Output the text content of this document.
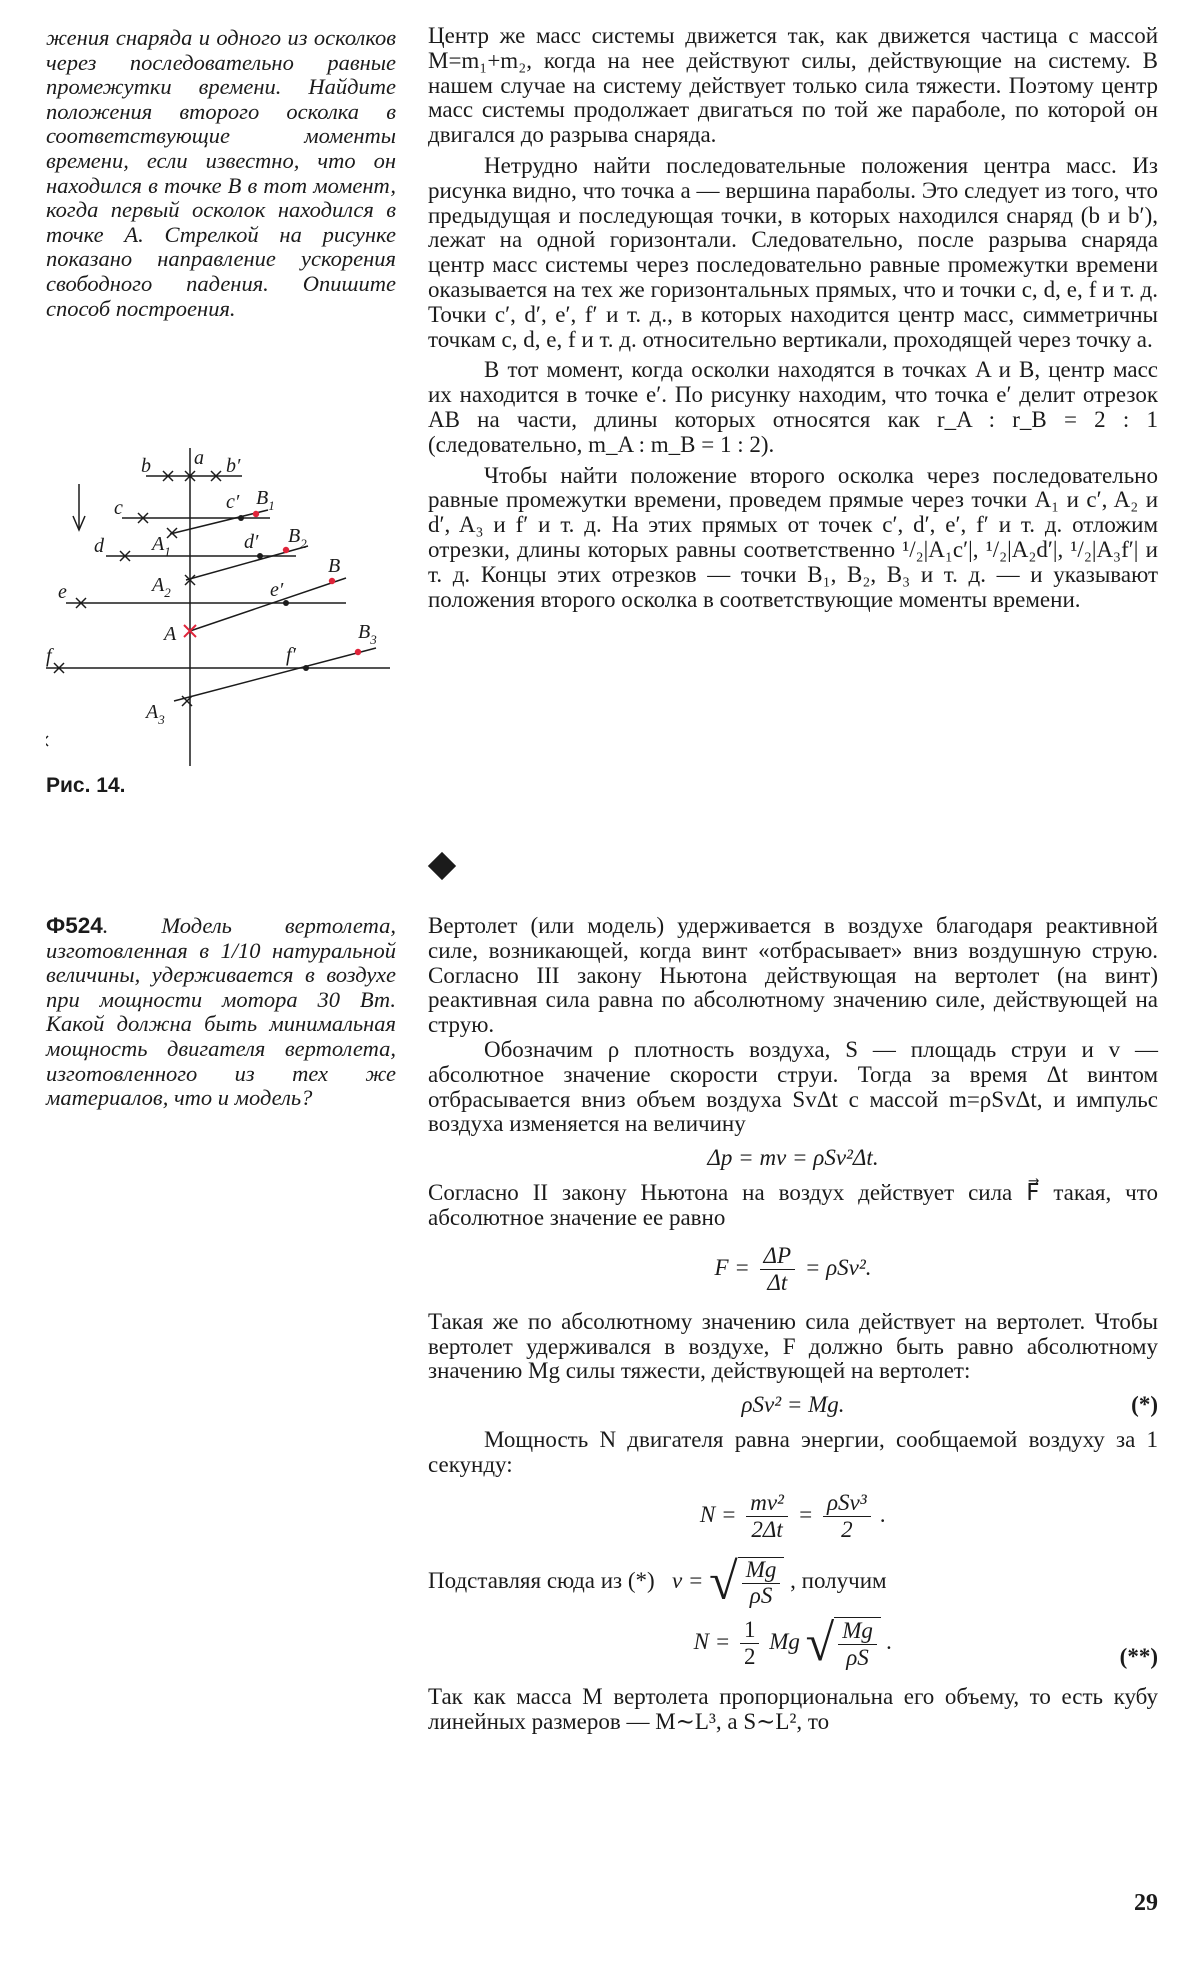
жения снаряда и одного из осколков через последовательно равные промежутки времени. Найдите положения второго осколка в соответствующие моменты времени, если известно, что он находился в точке B в тот момент, когда первый осколок находился в точке A. Стрелкой на рисунке показано направление ускорения свободного падения. Опишите способ построения.

a
b	b′
c	c′
d	d′
e	e′
f	f′
A
$A_1$
$A_2$
$A_3$
B
$B_1$
$B_2$
$B_3$
Рис. 14.

Центр же масс системы движется так, как движется частица с массой M=m₁+m₂, когда на нее действуют силы, действующие на систему. В нашем случае на систему действует только сила тяжести. Поэтому центр масс системы продолжает двигаться по той же параболе, по которой он двигался до разрыва снаряда.

Нетрудно найти последовательные положения центра масс. Из рисунка видно, что точка a — вершина параболы. Это следует из того, что предыдущая и последующая точки, в которых находился снаряд (b и b′), лежат на одной горизонтали. Следовательно, после разрыва снаряда центр масс системы через последовательно равные промежутки времени оказывается на тех же горизонтальных прямых, что и точки c, d, e, f и т. д. Точки c′, d′, e′, f′ и т. д., в которых находится центр масс, симметричны точкам c, d, e, f и т. д. относительно вертикали, проходящей через точку a.

В тот момент, когда осколки находятся в точках A и B, центр масс их находится в точке e′. По рисунку находим, что точка e′ делит отрезок AB на части, длины которых относятся как r_A : r_B = 2 : 1 (следовательно, m_A : m_B = 1 : 2).

Чтобы найти положение второго осколка через последовательно равные промежутки времени, проведем прямые через точки A₁ и c′, A₂ и d′, A₃ и f′ и т. д. На этих прямых от точек c′, d′, e′, f′ и т. д. отложим отрезки, длины которых равны соответственно ¹/₂|A₁c′|, ¹/₂|A₂d′|, ¹/₂|A₃f′| и т. д. Концы этих отрезков — точки B₁, B₂, B₃ и т. д. — и указывают положения второго осколка в соответствующие моменты времени.

Ф524. Модель вертолета, изготовленная в 1/10 натуральной величины, удерживается в воздухе при мощности мотора 30 Вт. Какой должна быть минимальная мощность двигателя вертолета, изготовленного из тех же материалов, что и модель?

Вертолет (или модель) удерживается в воздухе благодаря реактивной силе, возникающей, когда винт «отбрасывает» вниз воздушную струю. Согласно III закону Ньютона действующая на вертолет (на винт) реактивная сила равна по абсолютному значению силе, действующей на струю.

Обозначим ρ плотность воздуха, S — площадь струи и v — абсолютное значение скорости струи. Тогда за время Δt винтом отбрасывается вниз объем воздуха SvΔt с массой m=ρSvΔt, и импульс воздуха изменяется на величину

Δp = mv = ρSv²Δt.

Согласно II закону Ньютона на воздух действует сила F⃗ такая, что абсолютное значение ее равно

$F = \frac{\Delta P}{\Delta t} = \rho Sv^2$.

Такая же по абсолютному значению сила действует на вертолет. Чтобы вертолет удерживался в воздухе, F должно быть равно абсолютному значению Mg силы тяжести, действующей на вертолет:

ρSv² = Mg.	(*)

Мощность N двигателя равна энергии, сообщаемой воздуху за 1 секунду:

$N = \frac{\text{mv²}}{2\Delta t} = \rho Sv^3$
2
.
Подставляя сюда из (*) v = √ $\frac{Mg}{\rho S}$ , получим
$N = \frac{1}{2}$ Mg √ $\frac{Mg}{\rho S}$ .
(**)

Так как масса M вертолета пропорциональна его объему, то есть кубу линейных размеров — M∼L³, а S∼L², то

29
